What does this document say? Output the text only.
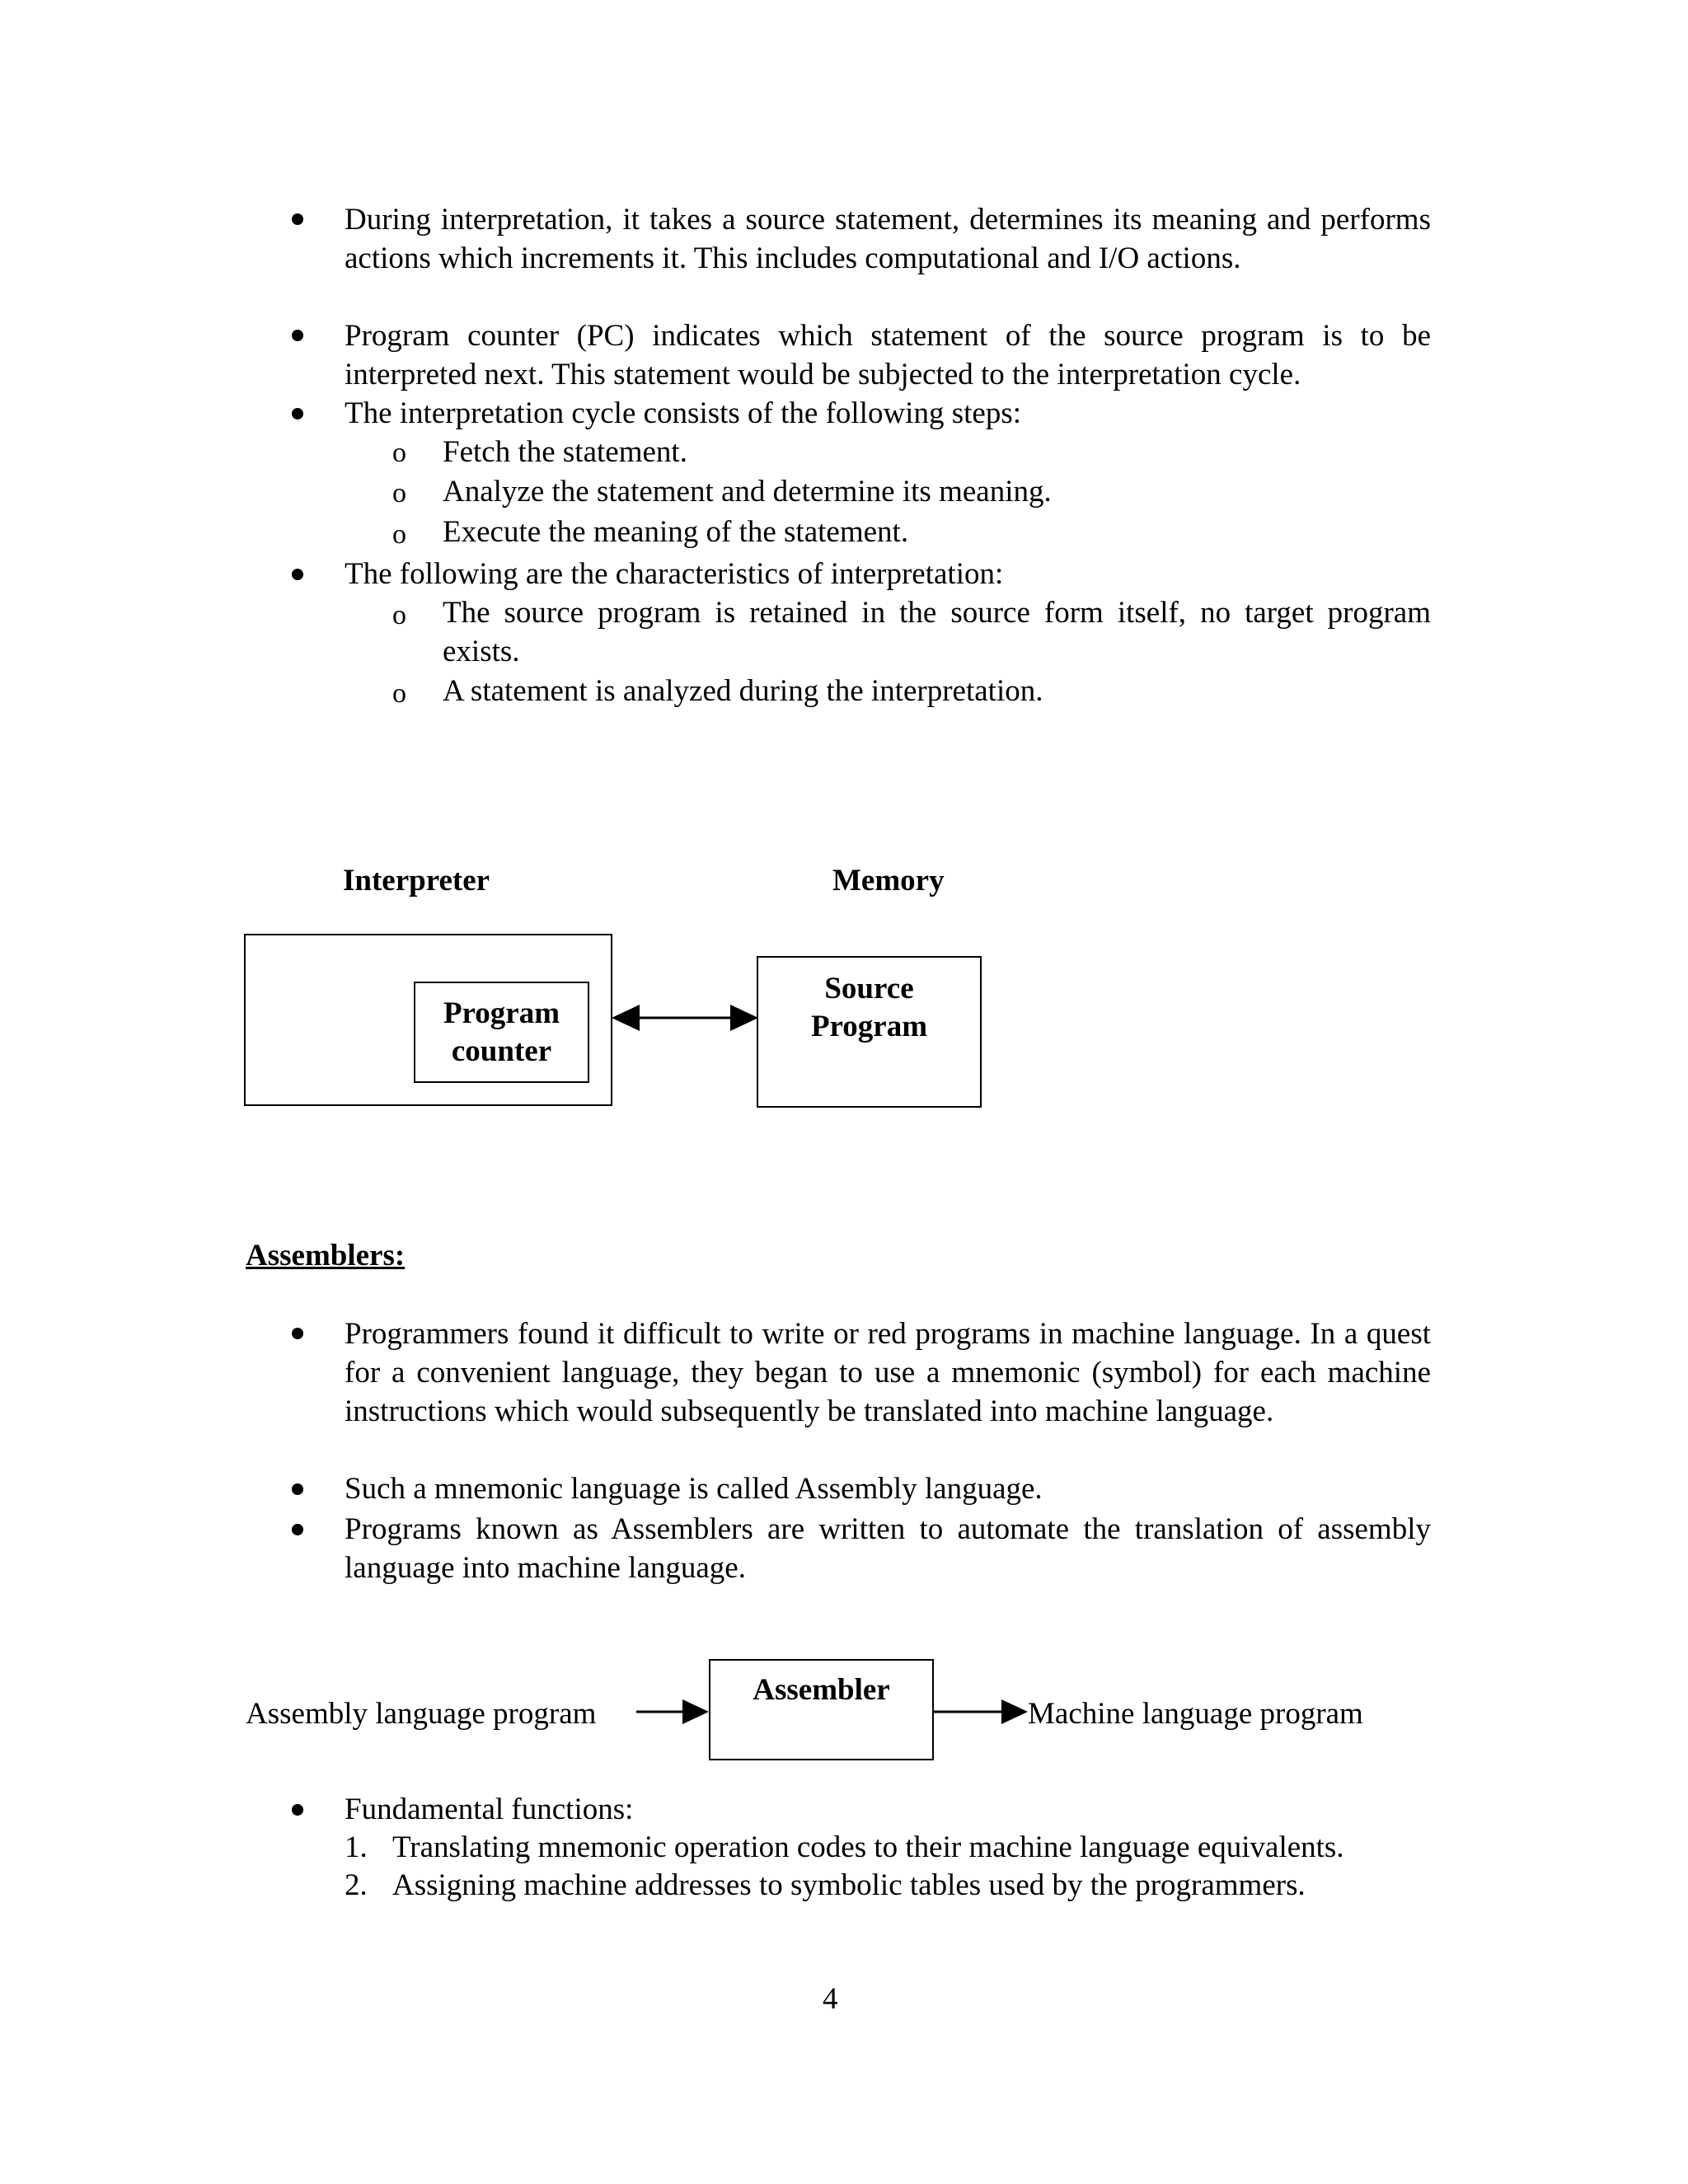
During interpretation, it takes a source statement, determines its meaning and performs actions which increments it. This includes computational and I/O actions.
Program counter (PC) indicates which statement of the source program is to be interpreted next. This statement would be subjected to the interpretation cycle.
The interpretation cycle consists of the following steps:
o Fetch the statement.
o Analyze the statement and determine its meaning.
o Execute the meaning of the statement.
The following are the characteristics of interpretation:
o The source program is retained in the source form itself, no target program exists.
o A statement is analyzed during the interpretation.
Interpreter	Memory
Program
counter
Source
Program
Assemblers:
Programmers found it difficult to write or red programs in machine language. In a quest for a convenient language, they began to use a mnemonic (symbol) for each machine instructions which would subsequently be translated into machine language.
Such a mnemonic language is called Assembly language.
Programs known as Assemblers are written to automate the translation of assembly language into machine language.
Assembly language program
Assembler
Machine language program
Fundamental functions:
1. Translating mnemonic operation codes to their machine language equivalents.
2. Assigning machine addresses to symbolic tables used by the programmers.
4
